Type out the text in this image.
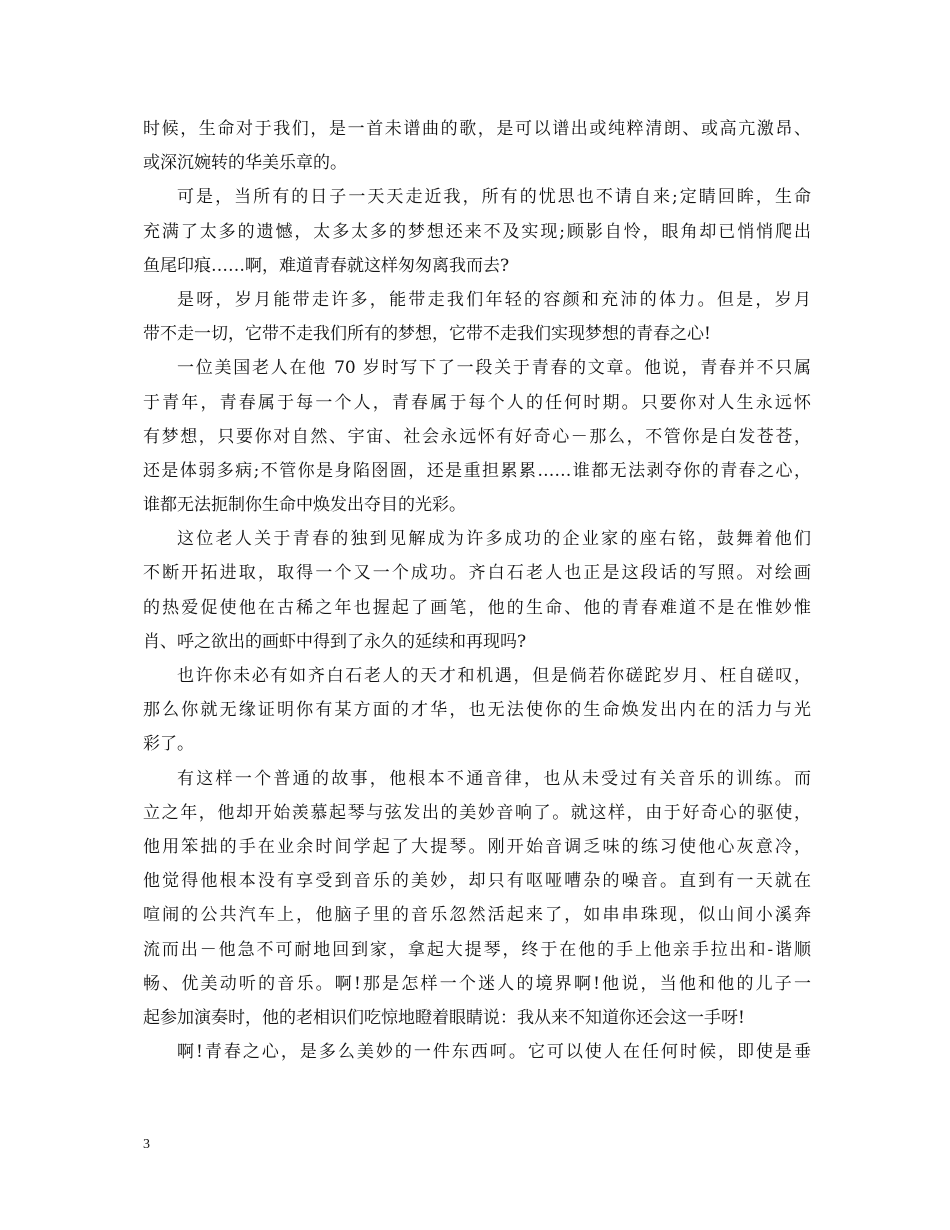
时候，生命对于我们，是一首未谱曲的歌，是可以谱出或纯粹清朗、或高亢激昂、
或深沉婉转的华美乐章的。
可是，当所有的日子一天天走近我，所有的忧思也不请自来;定睛回眸，生命
充满了太多的遗憾，太多太多的梦想还来不及实现;顾影自怜，眼角却已悄悄爬出
鱼尾印痕……啊，难道青春就这样匆匆离我而去?
是呀，岁月能带走许多，能带走我们年轻的容颜和充沛的体力。但是，岁月
带不走一切，它带不走我们所有的梦想，它带不走我们实现梦想的青春之心!
一位美国老人在他 70 岁时写下了一段关于青春的文章。他说，青春并不只属
于青年，青春属于每一个人，青春属于每个人的任何时期。只要你对人生永远怀
有梦想，只要你对自然、宇宙、社会永远怀有好奇心－那么，不管你是白发苍苍，
还是体弱多病;不管你是身陷囹圄，还是重担累累……谁都无法剥夺你的青春之心，
谁都无法扼制你生命中焕发出夺目的光彩。
这位老人关于青春的独到见解成为许多成功的企业家的座右铭，鼓舞着他们
不断开拓进取，取得一个又一个成功。齐白石老人也正是这段话的写照。对绘画
的热爱促使他在古稀之年也握起了画笔，他的生命、他的青春难道不是在惟妙惟
肖、呼之欲出的画虾中得到了永久的延续和再现吗?
也许你未必有如齐白石老人的天才和机遇，但是倘若你磋跎岁月、枉自磋叹，
那么你就无缘证明你有某方面的才华，也无法使你的生命焕发出内在的活力与光
彩了。
有这样一个普通的故事，他根本不通音律，也从未受过有关音乐的训练。而
立之年，他却开始羡慕起琴与弦发出的美妙音响了。就这样，由于好奇心的驱使，
他用笨拙的手在业余时间学起了大提琴。刚开始音调乏味的练习使他心灰意冷，
他觉得他根本没有享受到音乐的美妙，却只有呕哑嘈杂的噪音。直到有一天就在
喧闹的公共汽车上，他脑子里的音乐忽然活起来了，如串串珠现，似山间小溪奔
流而出－他急不可耐地回到家，拿起大提琴，终于在他的手上他亲手拉出和-谐顺
畅、优美动听的音乐。啊!那是怎样一个迷人的境界啊!他说，当他和他的儿子一
起参加演奏时，他的老相识们吃惊地瞪着眼睛说：我从来不知道你还会这一手呀!
啊!青春之心，是多么美妙的一件东西呵。它可以使人在任何时候，即使是垂
3
